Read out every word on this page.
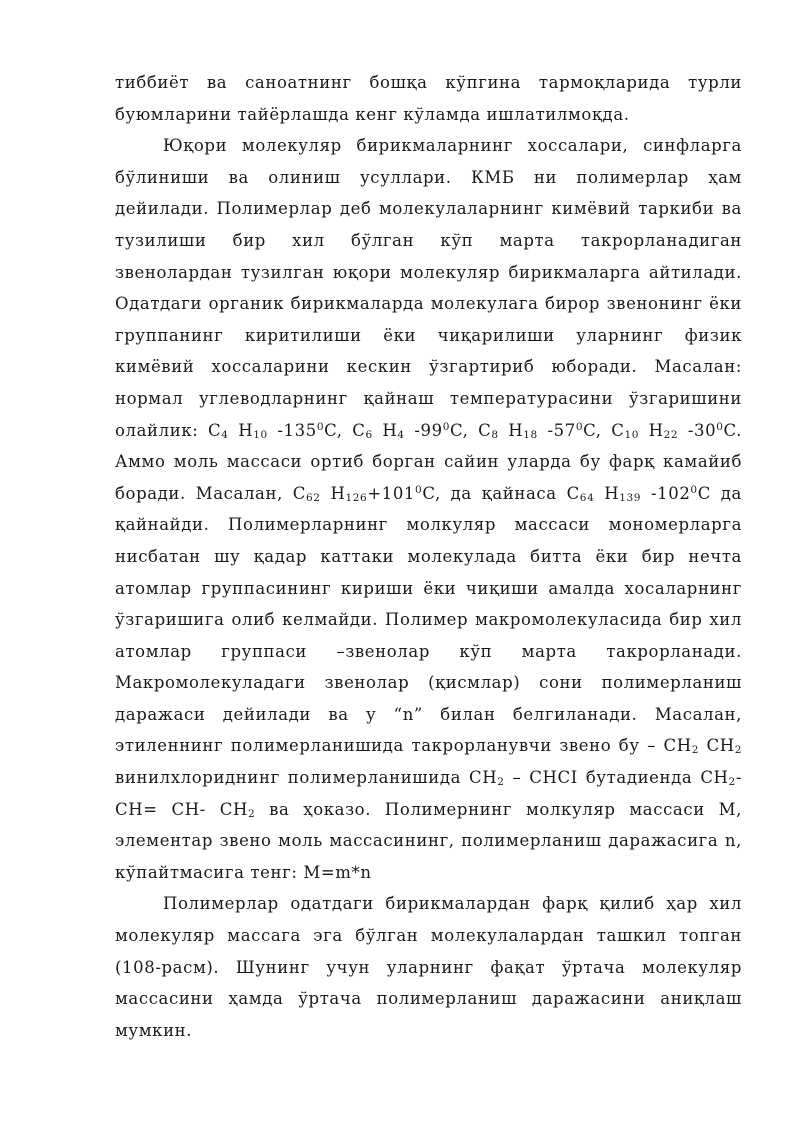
тиббиёт ва саноатнинг бошқа кўпгина тармоқларида турли буюмларини тайёрлашда кенг кўламда ишлатилмоқда.

Юқори молекуляр бирикмаларнинг хоссалари, синфларга бўлиниши ва олиниш усуллари. КМБ ни полимерлар ҳам дейилади. Полимерлар деб молекулаларнинг кимёвий таркиби ва тузилиши бир хил бўлган кўп марта такрорланадиган звенолардан тузилган юқори молекуляр бирикмаларга айтилади. Одатдаги органик бирикмаларда молекулага бирор звенонинг ёки группанинг киритилиши ёки чиқарилиши уларнинг физик кимёвий хоссаларини кескин ўзгартириб юборади. Масалан: нормал углеводларнинг қайнаш температурасини ўзгаришини олайлик: $C_4$ $H_{10}$ $-135^0C$, $C_6$ $H_4$ $-99^0C$, $C_8$ $H_{18}$ $-57^0C$, $C_{10}$ $H_{22}$ $-30^0C$. Аммо моль массаси ортиб борган сайин уларда бу фарқ камайиб боради. Масалан, $C_{62}$ $H_{126}+101^0C$, да қайнаса $C_{64}$ $H_{139}$ $-102^0C$ да қайнайди. Полимерларнинг молкуляр массаси мономерларга нисбатан шу қадар каттаки молекулада битта ёки бир нечта атомлар группасининг кириши ёки чиқиши амалда хосаларнинг ўзгаришига олиб келмайди. Полимер макромолекуласида бир хил атомлар группаси –звенолар кўп марта такрорланади. Макромолекуладаги звенолар (қисмлар) сони полимерланиш даражаси дейилади ва у “n” билан белгиланади. Масалан, этиленнинг полимерланишида такрорланувчи звено бу – $CH_2$ $CH_2$ винилхлориднинг полимерланишида $CH_2$ – CHCI бутадиенда $CH_2-$ CH= CH- $CH_2$ ва ҳоказо. Полимернинг молкуляр массаси M, элементар звено моль массасининг, полимерланиш даражасига n, кўпайтмасига тенг: M=m*n

Полимерлар одатдаги бирикмалардан фарқ қилиб ҳар хил молекуляр массага эга бўлган молекулалардан ташкил топган (108-расм). Шунинг учун уларнинг фақат ўртача молекуляр массасини ҳамда ўртача полимерланиш даражасини аниқлаш мумкин.
